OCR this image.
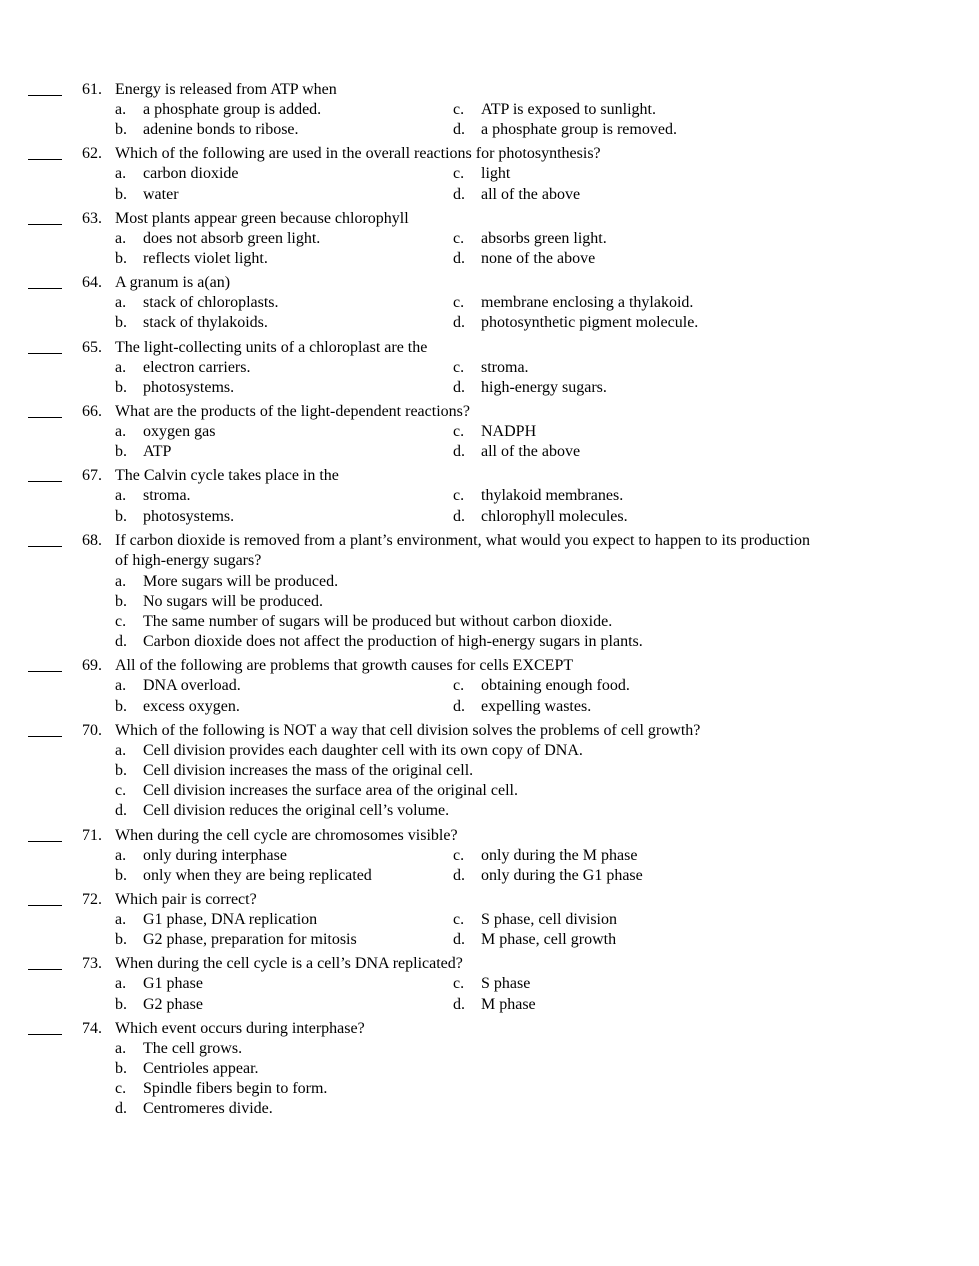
61. Energy is released from ATP when
a. a phosphate group is added.
b. adenine bonds to ribose.
c. ATP is exposed to sunlight.
d. a phosphate group is removed.
62. Which of the following are used in the overall reactions for photosynthesis?
a. carbon dioxide
b. water
c. light
d. all of the above
63. Most plants appear green because chlorophyll
a. does not absorb green light.
b. reflects violet light.
c. absorbs green light.
d. none of the above
64. A granum is a(an)
a. stack of chloroplasts.
b. stack of thylakoids.
c. membrane enclosing a thylakoid.
d. photosynthetic pigment molecule.
65. The light-collecting units of a chloroplast are the
a. electron carriers.
b. photosystems.
c. stroma.
d. high-energy sugars.
66. What are the products of the light-dependent reactions?
a. oxygen gas
b. ATP
c. NADPH
d. all of the above
67. The Calvin cycle takes place in the
a. stroma.
b. photosystems.
c. thylakoid membranes.
d. chlorophyll molecules.
68. If carbon dioxide is removed from a plant’s environment, what would you expect to happen to its production of high-energy sugars?
a. More sugars will be produced.
b. No sugars will be produced.
c. The same number of sugars will be produced but without carbon dioxide.
d. Carbon dioxide does not affect the production of high-energy sugars in plants.
69. All of the following are problems that growth causes for cells EXCEPT
a. DNA overload.
b. excess oxygen.
c. obtaining enough food.
d. expelling wastes.
70. Which of the following is NOT a way that cell division solves the problems of cell growth?
a. Cell division provides each daughter cell with its own copy of DNA.
b. Cell division increases the mass of the original cell.
c. Cell division increases the surface area of the original cell.
d. Cell division reduces the original cell’s volume.
71. When during the cell cycle are chromosomes visible?
a. only during interphase
b. only when they are being replicated
c. only during the M phase
d. only during the G1 phase
72. Which pair is correct?
a. G1 phase, DNA replication
b. G2 phase, preparation for mitosis
c. S phase, cell division
d. M phase, cell growth
73. When during the cell cycle is a cell’s DNA replicated?
a. G1 phase
b. G2 phase
c. S phase
d. M phase
74. Which event occurs during interphase?
a. The cell grows.
b. Centrioles appear.
c. Spindle fibers begin to form.
d. Centromeres divide.
